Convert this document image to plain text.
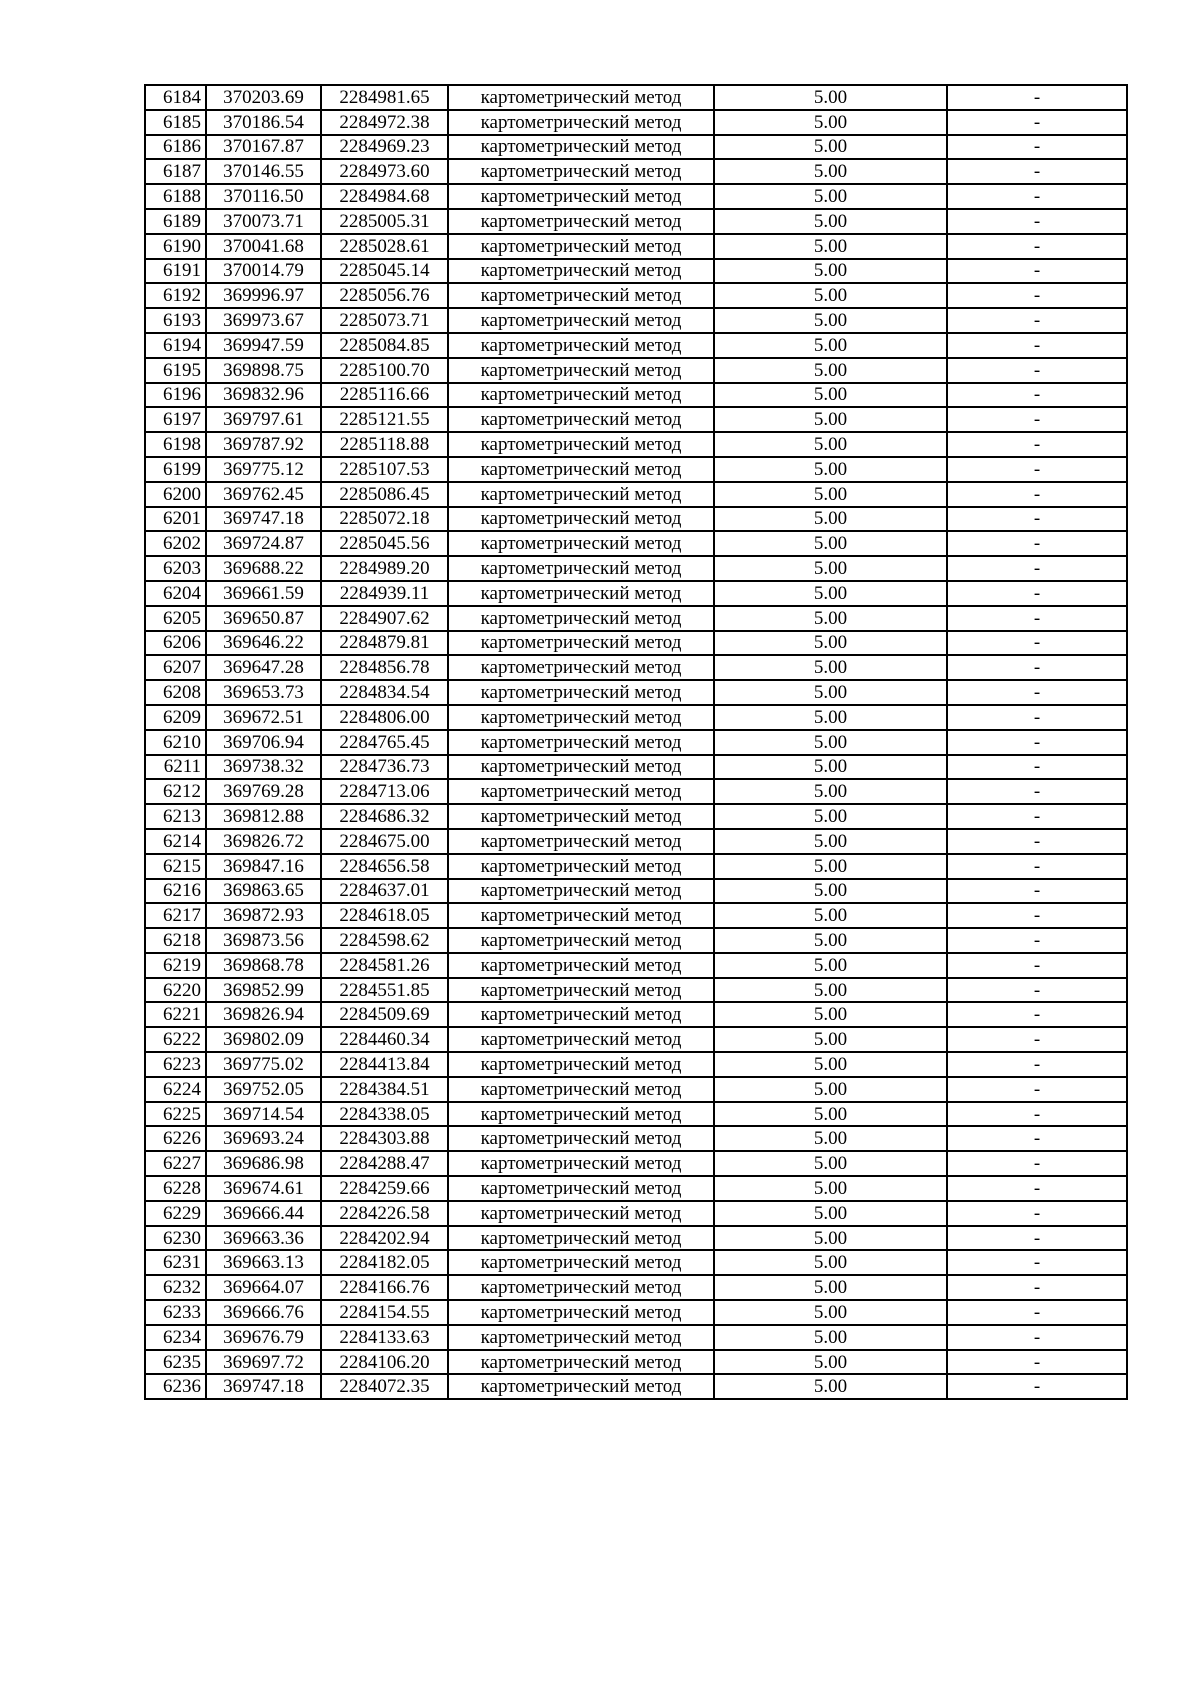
6184	370203.69	2284981.65	картометрический метод	5.00	-
6185	370186.54	2284972.38	картометрический метод	5.00	-
6186	370167.87	2284969.23	картометрический метод	5.00	-
6187	370146.55	2284973.60	картометрический метод	5.00	-
6188	370116.50	2284984.68	картометрический метод	5.00	-
6189	370073.71	2285005.31	картометрический метод	5.00	-
6190	370041.68	2285028.61	картометрический метод	5.00	-
6191	370014.79	2285045.14	картометрический метод	5.00	-
6192	369996.97	2285056.76	картометрический метод	5.00	-
6193	369973.67	2285073.71	картометрический метод	5.00	-
6194	369947.59	2285084.85	картометрический метод	5.00	-
6195	369898.75	2285100.70	картометрический метод	5.00	-
6196	369832.96	2285116.66	картометрический метод	5.00	-
6197	369797.61	2285121.55	картометрический метод	5.00	-
6198	369787.92	2285118.88	картометрический метод	5.00	-
6199	369775.12	2285107.53	картометрический метод	5.00	-
6200	369762.45	2285086.45	картометрический метод	5.00	-
6201	369747.18	2285072.18	картометрический метод	5.00	-
6202	369724.87	2285045.56	картометрический метод	5.00	-
6203	369688.22	2284989.20	картометрический метод	5.00	-
6204	369661.59	2284939.11	картометрический метод	5.00	-
6205	369650.87	2284907.62	картометрический метод	5.00	-
6206	369646.22	2284879.81	картометрический метод	5.00	-
6207	369647.28	2284856.78	картометрический метод	5.00	-
6208	369653.73	2284834.54	картометрический метод	5.00	-
6209	369672.51	2284806.00	картометрический метод	5.00	-
6210	369706.94	2284765.45	картометрический метод	5.00	-
6211	369738.32	2284736.73	картометрический метод	5.00	-
6212	369769.28	2284713.06	картометрический метод	5.00	-
6213	369812.88	2284686.32	картометрический метод	5.00	-
6214	369826.72	2284675.00	картометрический метод	5.00	-
6215	369847.16	2284656.58	картометрический метод	5.00	-
6216	369863.65	2284637.01	картометрический метод	5.00	-
6217	369872.93	2284618.05	картометрический метод	5.00	-
6218	369873.56	2284598.62	картометрический метод	5.00	-
6219	369868.78	2284581.26	картометрический метод	5.00	-
6220	369852.99	2284551.85	картометрический метод	5.00	-
6221	369826.94	2284509.69	картометрический метод	5.00	-
6222	369802.09	2284460.34	картометрический метод	5.00	-
6223	369775.02	2284413.84	картометрический метод	5.00	-
6224	369752.05	2284384.51	картометрический метод	5.00	-
6225	369714.54	2284338.05	картометрический метод	5.00	-
6226	369693.24	2284303.88	картометрический метод	5.00	-
6227	369686.98	2284288.47	картометрический метод	5.00	-
6228	369674.61	2284259.66	картометрический метод	5.00	-
6229	369666.44	2284226.58	картометрический метод	5.00	-
6230	369663.36	2284202.94	картометрический метод	5.00	-
6231	369663.13	2284182.05	картометрический метод	5.00	-
6232	369664.07	2284166.76	картометрический метод	5.00	-
6233	369666.76	2284154.55	картометрический метод	5.00	-
6234	369676.79	2284133.63	картометрический метод	5.00	-
6235	369697.72	2284106.20	картометрический метод	5.00	-
6236	369747.18	2284072.35	картометрический метод	5.00	-
